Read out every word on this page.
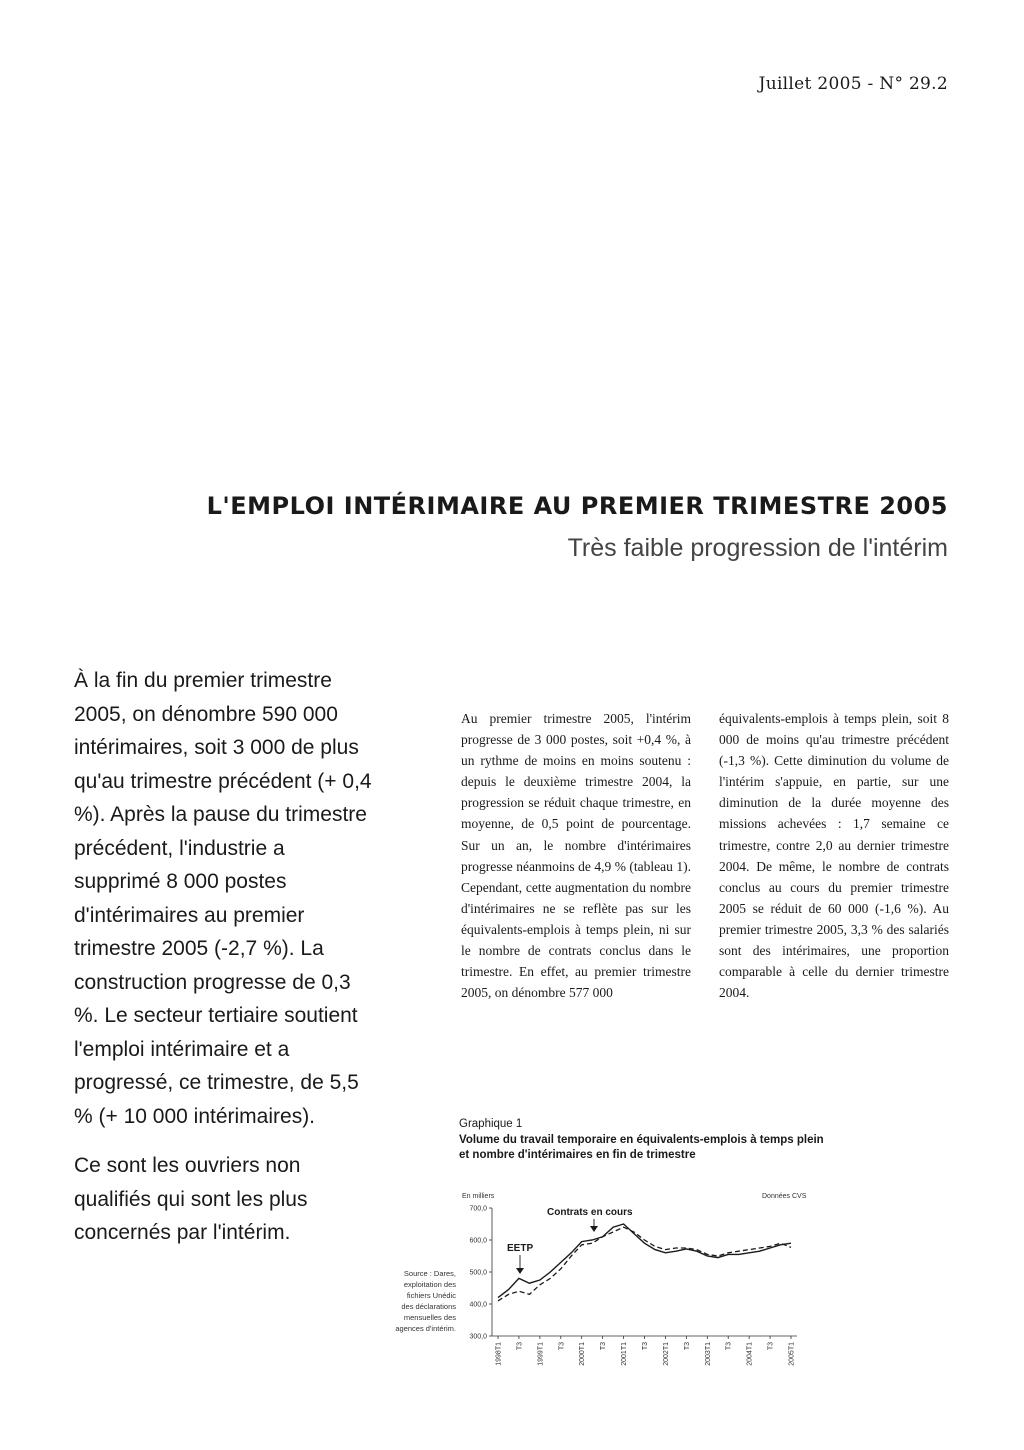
Juillet 2005 - N° 29.2
L'EMPLOI INTÉRIMAIRE AU PREMIER TRIMESTRE 2005
Très faible progression de l'intérim

À la fin du premier trimestre 2005, on dénombre 590 000 intérimaires, soit 3 000 de plus qu'au trimestre précédent (+ 0,4 %). Après la pause du trimestre précédent, l'industrie a supprimé 8 000 postes d'intérimaires au premier trimestre 2005 (-2,7 %). La construction progresse de 0,3 %. Le secteur tertiaire soutient l'emploi intérimaire et a progressé, ce trimestre, de 5,5 % (+ 10 000 intérimaires).

Ce sont les ouvriers non qualifiés qui sont les plus concernés par l'intérim.

Au premier trimestre 2005, l'intérim progresse de 3 000 postes, soit +0,4 %, à un rythme de moins en moins soutenu : depuis le deuxième trimestre 2004, la progression se réduit chaque trimestre, en moyenne, de 0,5 point de pourcentage. Sur un an, le nombre d'intérimaires progresse néanmoins de 4,9 % (tableau 1). Cependant, cette augmentation du nombre d'intérimaires ne se reflète pas sur les équivalents-emplois à temps plein, ni sur le nombre de contrats conclus dans le trimestre. En effet, au premier trimestre 2005, on dénombre 577 000
équivalents-emplois à temps plein, soit 8 000 de moins qu'au trimestre précédent (-1,3 %). Cette diminution du volume de l'intérim s'appuie, en partie, sur une diminution de la durée moyenne des missions achevées : 1,7 semaine ce trimestre, contre 2,0 au dernier trimestre 2004. De même, le nombre de contrats conclus au cours du premier trimestre 2005 se réduit de 60 000 (-1,6 %). Au premier trimestre 2005, 3,3 % des salariés sont des intérimaires, une proportion comparable à celle du dernier trimestre 2004.
Graphique 1
Volume du travail temporaire en équivalents-emplois à temps plein
et nombre d'intérimaires en fin de trimestre
Source : Dares, exploitation des fichiers Unédic des déclarations mensuelles des agences d'intérim.
En milliers	Données CVS
700,0
600,0
500,0
400,0
300,0
1998T1 T3 1999T1 T3 2000T1 T3 2001T1 T3 2002T1 T3 2003T1 T3 2004T1 T3 2005T1
Contrats en cours
EETP
